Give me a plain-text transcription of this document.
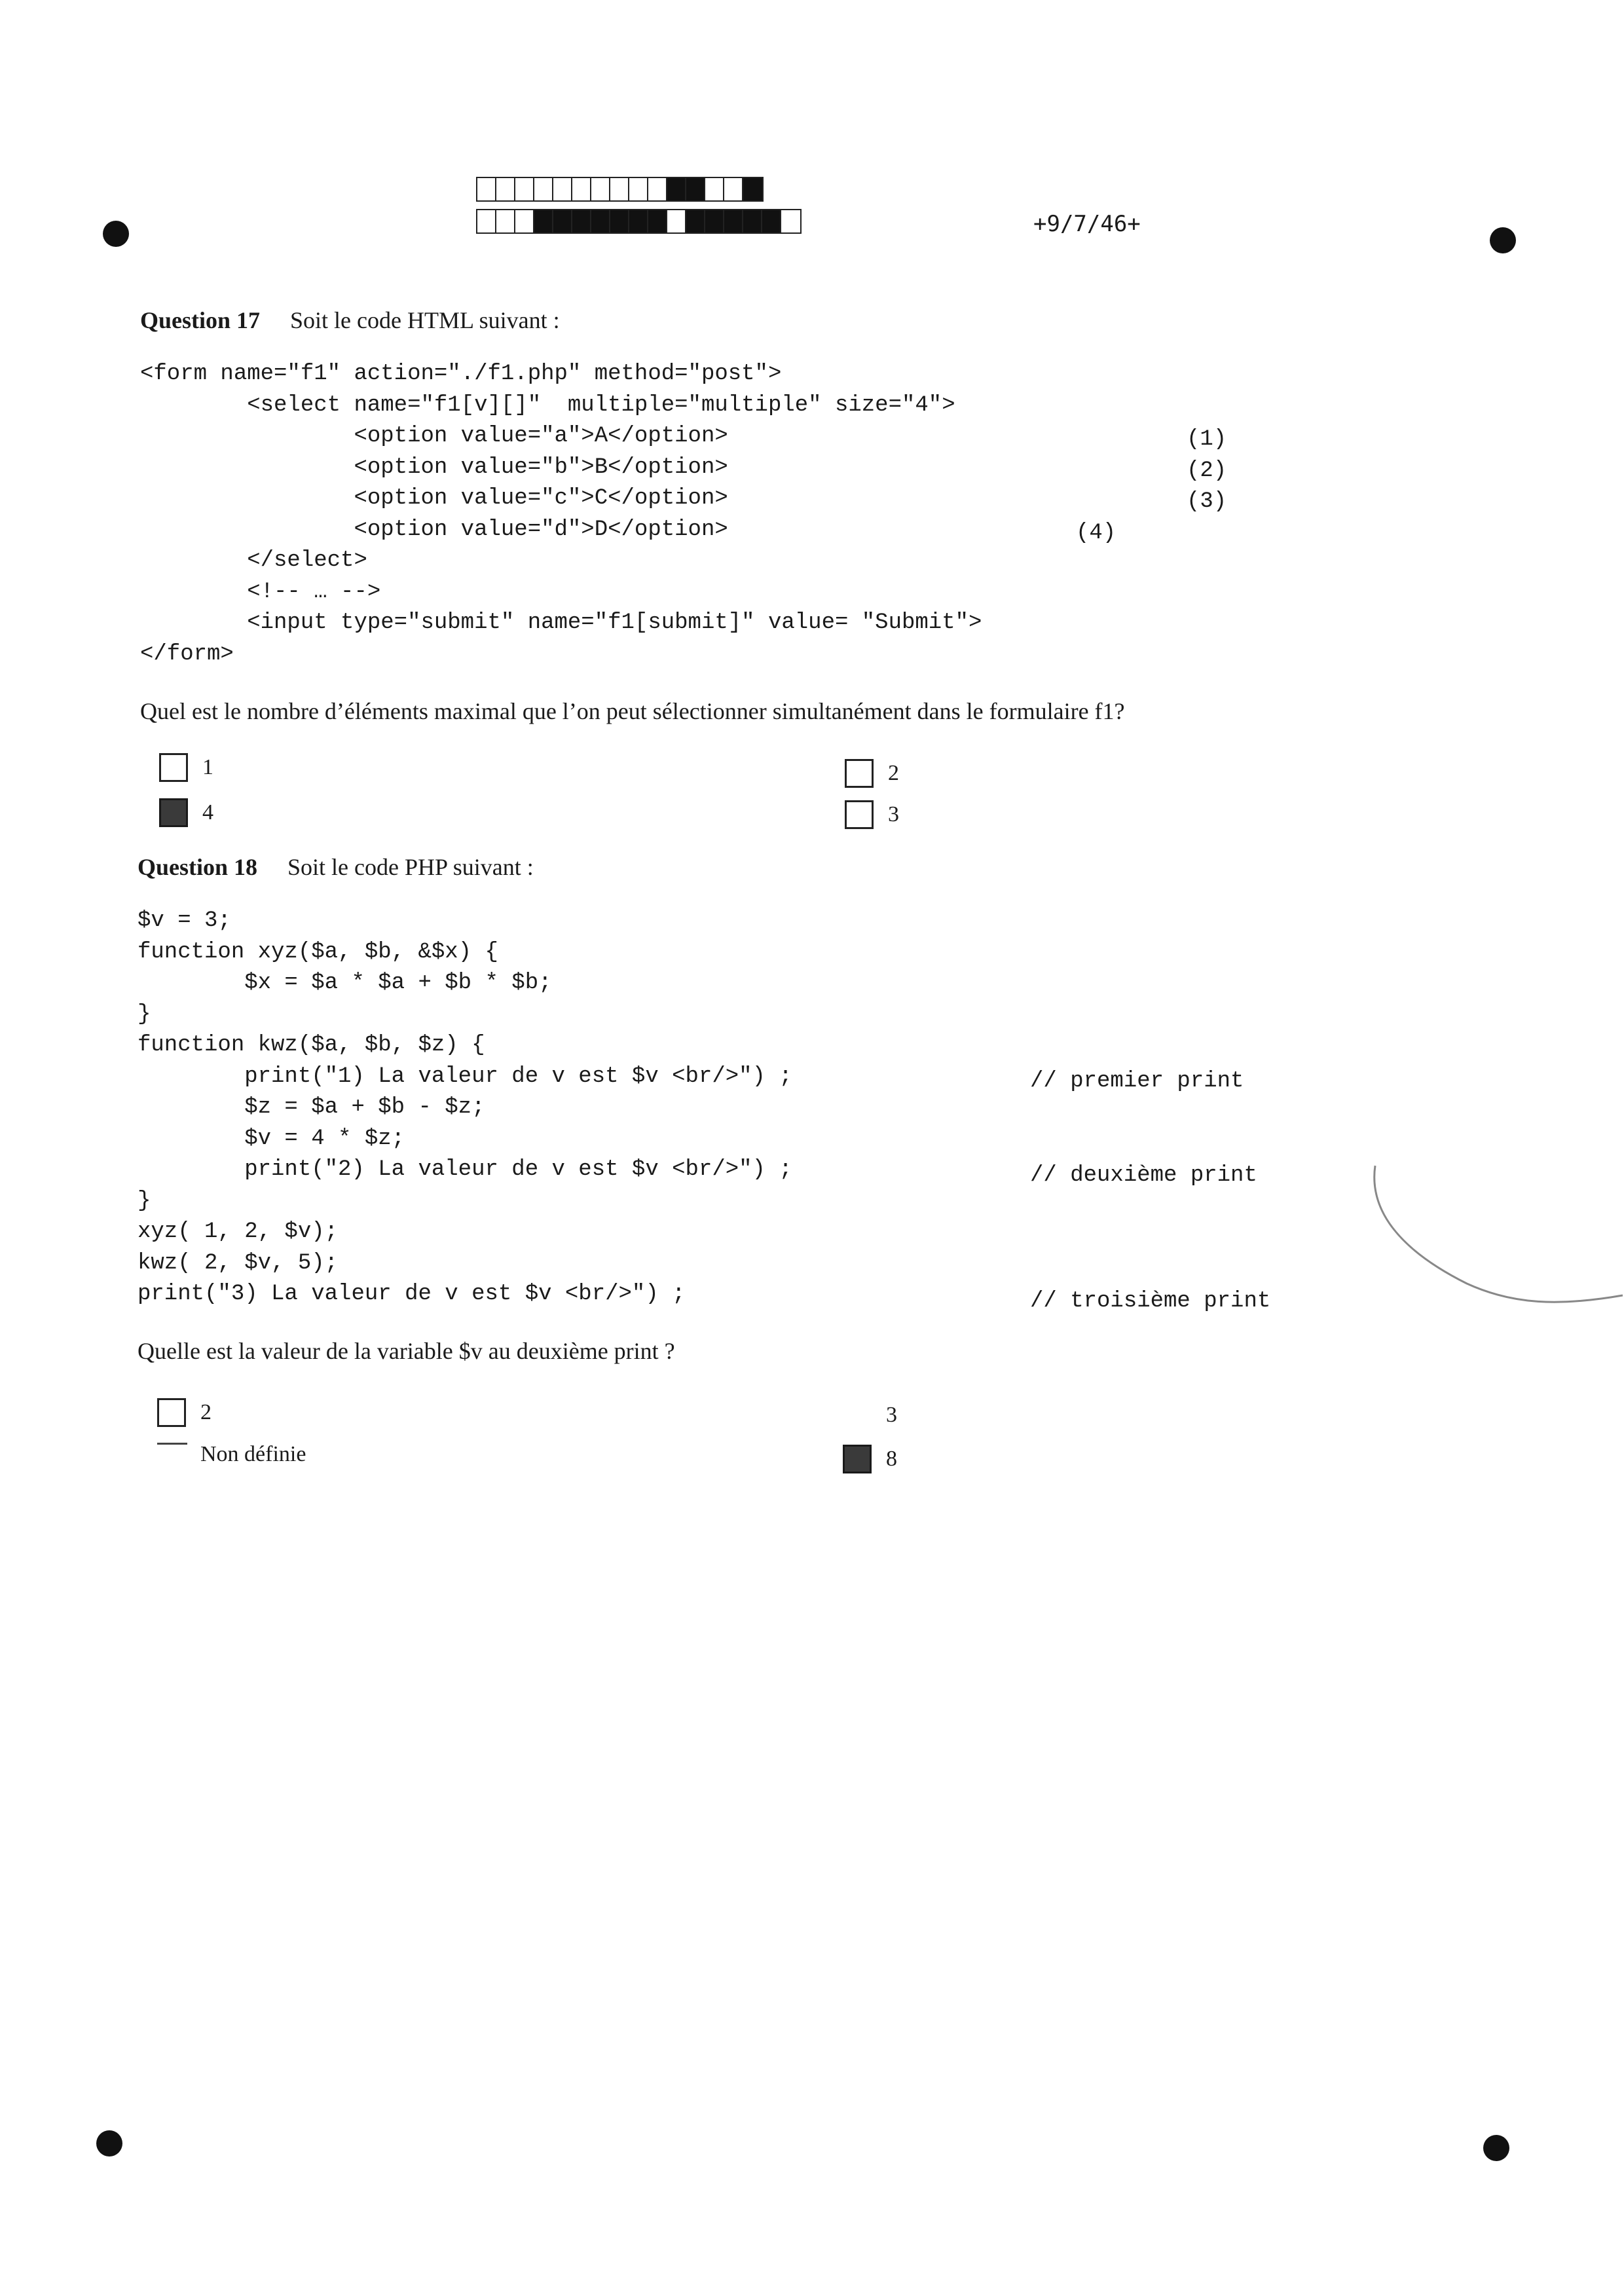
+9/7/46+
Question 17 Soit le code HTML suivant :
<form name="f1" action="./f1.php" method="post">
<select name="f1[v][]"  multiple="multiple" size="4">
<option value="a">A</option>
<option value="b">B</option>
<option value="c">C</option>
<option value="d">D</option>
</select>
<!-- … -->
<input type="submit" name="f1[submit]" value= "Submit">
</form>
(1)
(2)
(3)
(4)
Quel est le nombre d’éléments maximal que l’on peut sélectionner simultanément dans le formulaire f1?
1
4
2
3
Question 18 Soit le code PHP suivant :
$v = 3;
function xyz($a, $b, &$x) {
$x = $a * $a + $b * $b;
}
function kwz($a, $b, $z) {
print("1) La valeur de v est $v <br/>") ;
$z = $a + $b - $z;
$v = 4 * $z;
print("2) La valeur de v est $v <br/>") ;
}
xyz( 1, 2, $v);
kwz( 2, $v, 5);
print("3) La valeur de v est $v <br/>") ;
// premier print
// deuxième print
// troisième print
Quelle est la valeur de la variable $v au deuxième print ?
2
Non définie
3
8
